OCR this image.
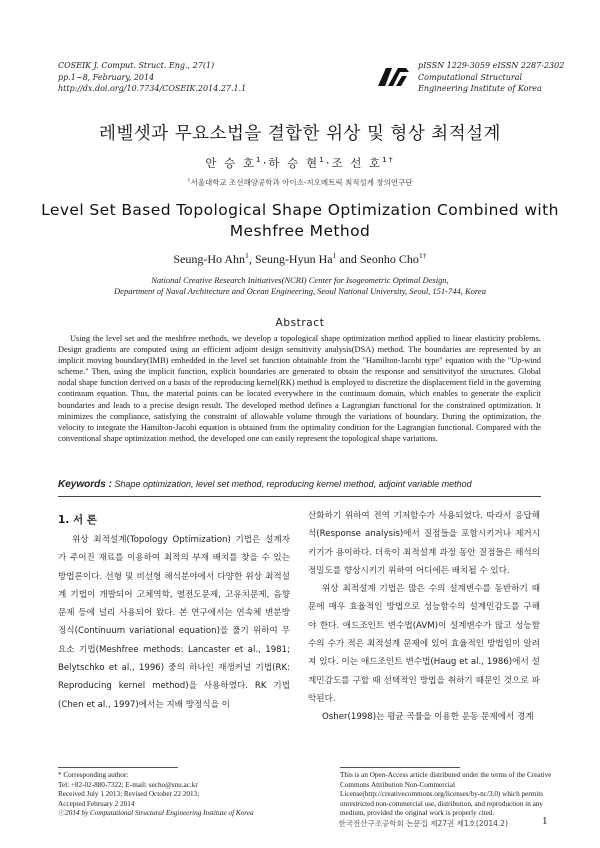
COSEIK J. Comput. Struct. Eng., 27(1)
pp.1~8, February, 2014
http://dx.doi.org/10.7734/COSEIK.2014.27.1.1
pISSN 1229-3059 eISSN 2287-2302
Computational Structural
Engineering Institute of Korea
레벨셋과 무요소법을 결합한 위상 및 형상 최적설계
안 승 호$^1$·하 승 현$^1$·조 선 호$^{1\dagger}$
$^1$서울대학교 조선해양공학과 아이소-지오메트릭 최적설계 창의연구단
Level Set Based Topological Shape Optimization Combined with Meshfree Method
Seung-Ho Ahn$^1$, Seung-Hyun Ha$^1$ and Seonho Cho$^{1\dagger}$
National Creative Research Initiatives(NCRI) Center for Isogeometric Optimal Design,
Department of Naval Architecture and Ocean Engineering, Seoul National University, Seoul, 151-744, Korea
Abstract

Using the level set and the meshfree methods, we develop a topological shape optimization method applied to linear elasticity problems. Design gradients are computed using an efficient adjoint design sensitivity analysis(DSA) method. The boundaries are represented by an implicit moving boundary(IMB) embedded in the level set function obtainable from the "Hamilton-Jacobi type" equation with the "Up-wind scheme." Then, using the implicit function, explicit boundaries are generated to obtain the response and sensitivityof the structures. Global nodal shape function derived on a basis of the reproducing kernel(RK) method is employed to discretize the displacement field in the governing continuum equation. Thus, the material points can be located everywhere in the continuum domain, which enables to generate the explicit boundaries and leads to a precise design result. The developed method defines a Lagrangian functional for the constrained optimization. It minimizes the compliance, satisfying the constraint of allowable volume through the variations of boundary. During the optimization, the velocity to integrate the Hamilton-Jacobi equation is obtained from the optimality condition for the Lagrangian functional. Compared with the conventional shape optimization method, the developed one can easily represent the topological shape variations.

Keywords : Shape optimization, level set method, reproducing kernel method, adjoint variable method
1. 서 론

위상 최적설계(Topology Optimization) 기법은 설계자가 주어진 재료를 이용하여 최적의 부재 배치를 찾을 수 있는 방법론이다. 선형 및 비선형 해석분야에서 다양한 위상 최적설계 기법이 개발되어 고체역학, 열전도문제, 고유치문제, 음향문제 등에 널리 사용되어 왔다. 본 연구에서는 연속체 변분방정식(Continuum variational equation)을 풀기 위하여 무요소 기법(Meshfree methods: Lancaster et al., 1981; Belytschko et al., 1996) 중의 하나인 재생커널 기법(RK: Reproducing kernel method)을 사용하였다. RK 기법(Chen et al., 1997)에서는 지배 방정식을 이

산화하기 위하여 전역 기저함수가 사용되었다. 따라서 응답해석(Response analysis)에서 질점들을 포함시키거나 제거시키기가 용이하다. 더욱이 최적설계 과정 동안 질점들은 해석의 정밀도를 향상시키기 위하여 어디에든 배치될 수 있다.

위상 최적설계 기법은 많은 수의 설계변수를 동반하기 때문에 매우 효율적인 방법으로 성능함수의 설계민감도를 구해야 한다. 애드조인트 변수법(AVM)이 설계변수가 많고 성능함수의 수가 적은 최적설계 문제에 있어 효율적인 방법임이 알려져 있다. 이는 애드조인트 변수법(Haug et al., 1986)에서 설계민감도를 구할 때 선택적인 방법을 취하기 때문인 것으로 파악된다.

Osher(1998)는 평균 곡률을 이용한 운동 문제에서 경계

* Corresponding author:
Tel: +82-02-880-7322; E-mail: secho@snu.ac.kr
Received July 1 2013; Revised October 22 2013;
Accepted February 2 2014
ⓒ2014 by Computational Structural Engineering Institute of Korea
This is an Open-Access article distributed under the terms of the Creative Commons Attribution Non-Commercial License(http://creativecommons.org/licenses/by-nc/3.0) which permits unrestricted non-commercial use, distribution, and reproduction in any medium, provided the original work is properly cited.
한국전산구조공학회 논문집 제27권 제1호(2014.2)	1
